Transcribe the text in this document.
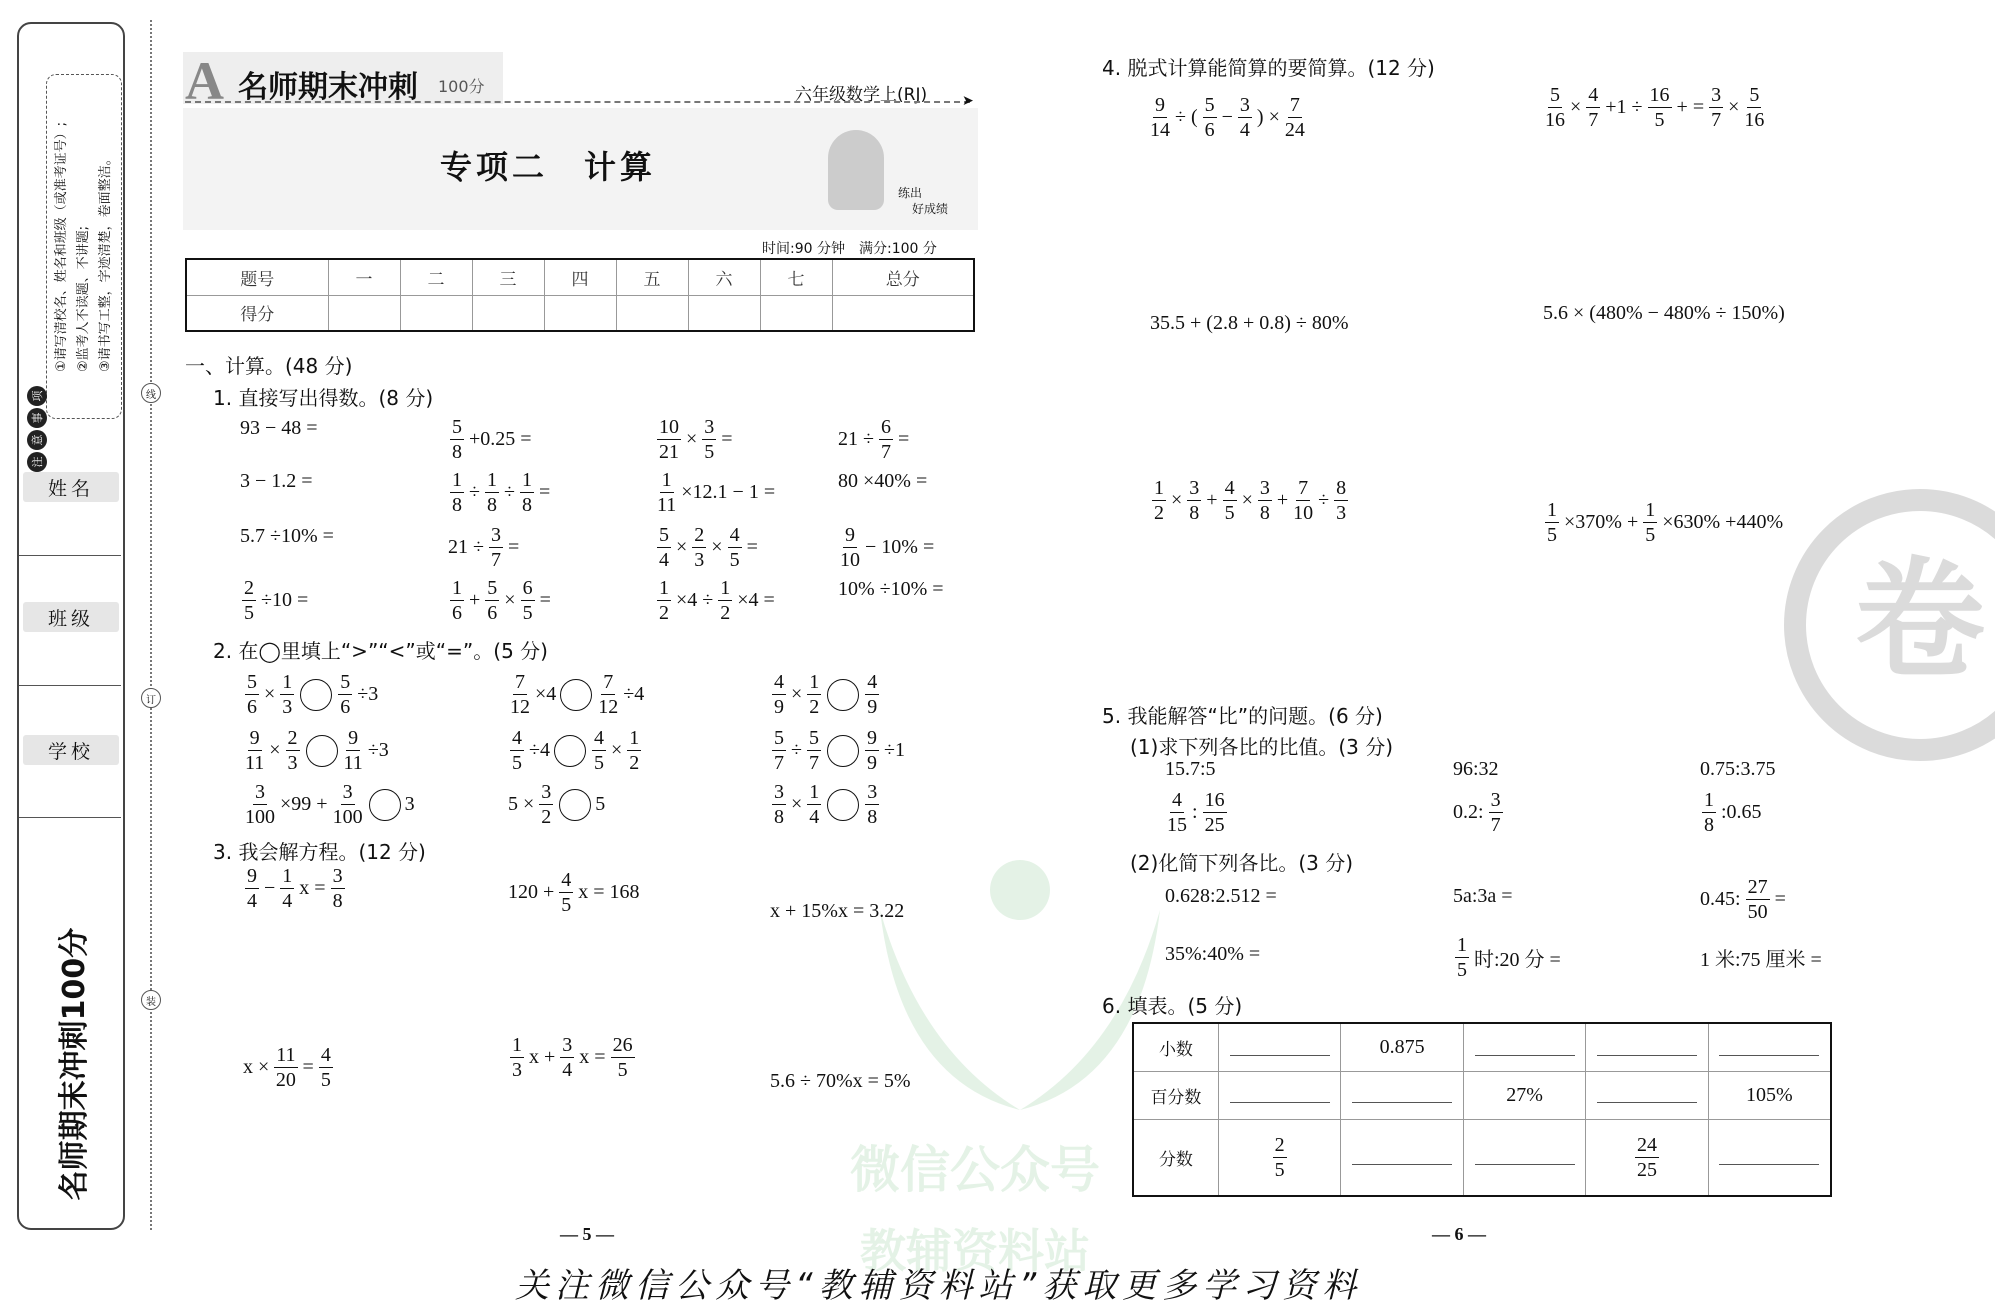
微信公众号
教辅资料站
卷
①请写清校名、姓名和班级（或准考证号）; ②监考人不读题、不讲题; ③请书写工整，字迹清楚，卷面整洁。
项
事
意
注
姓名
班级
学校
名师期末冲刺100分
线
订
装
A 名师期末冲刺 100分	六年级数学上(RJ) ➤
专项二　计算
练出
好成绩
时间:90 分钟　满分:100 分
题号	一	二	三	四	五	六	七	总分
得分								
一、计算。(48 分)
1. 直接写出得数。(8 分)
2. 在◯里填上“>”“<”或“=”。(5 分)
3. 我会解方程。(12 分)
4. 脱式计算能简算的要简算。(12 分)
5. 我能解答“比”的问题。(6 分)
(1)求下列各比的比值。(3 分)
(2)化简下列各比。(3 分)
6. 填表。(5 分)
93 − 48 =	$\frac{5}{8} +0.25$ =	$\frac{10}{21} \times \frac{3}{5}$ =	$21 \div \frac{6}{7}$ =
3 − 1.2 =	$\frac{1}{8} \div \frac{1}{8} \div \frac{1}{8}$ =	$\frac{1}{11} \times 12.1 - 1$ =	80 ×40% =
5.7 ÷10% =	$21 \div \frac{3}{7}$ =	$\frac{5}{4} \times \frac{2}{3} \times \frac{4}{5}$ =	$\frac{9}{10} - 10\%$ =
$\frac{2}{5} \div 10$ =	$\frac{1}{6} + \frac{5}{6} \times \frac{6}{5}$ =	$\frac{1}{2} \times 4 \div \frac{1}{2} \times 4$ =	10% ÷10% =
$\frac{5}{6} \times \frac{1}{3} \frac{5}{6} \div 3$	$\frac{7}{12} \times 4 \frac{7}{12} \div 4$	$\frac{4}{9} \times \frac{1}{2} \frac{4}{9}$
$\frac{9}{11} \times \frac{2}{3} \frac{9}{11} \div 3$	$\frac{4}{5} \div 4 \frac{4}{5} \times \frac{1}{2}$	$\frac{5}{7} \div \frac{5}{7} \frac{9}{9} \div 1$
$\frac{3}{100} \times 99 + \frac{3}{100} 3$	$5 \times \frac{3}{2} 5$	$\frac{3}{8} \times \frac{1}{4} \frac{3}{8}$
$\frac{9}{4} - \frac{1}{4}$ $x = \frac{3}{8}$	$120 + \frac{4}{5}$ x = 168
x + 15%x = 3.22
$x \times \frac{11}{20} = \frac{4}{5}$	$\frac{1}{3}$ $x + \frac{3}{4}$ $x = \frac{26}{5}$
5.6 ÷ 70%x = 5%
$\frac{9}{14}$ ÷ ( $\frac{5}{6} - \frac{3}{4}$ ) × $\frac{7}{24}$	$\frac{5}{16} \times \frac{4}{7} +1 \div \frac{16}{5}$ + = $\frac{3}{7} \times \frac{5}{16}$
35.5 + (2.8 + 0.8) ÷ 80%	5.6 × (480% − 480% ÷ 150%)
$\frac{1}{2} \times \frac{3}{8} + \frac{4}{5} \times \frac{3}{8} + \frac{7}{10} \div \frac{8}{3}$	$\frac{1}{5} \times 370\% + \frac{1}{5} \times 630\% +440\%$
15.7:5	96:32	0.75:3.75
$\frac{4}{15}$ : $\frac{16}{25}$	0.2: $\frac{3}{7}$	$\frac{1}{8}$ :0.65
0.628:2.512 =	5a:3a =	0.45: $\frac{27}{50}$ =
35%:40% =	$\frac{1}{5}$ 时:20 分 =	1 米:75 厘米 =
小数		0.875			
百分数			27%		105%
分数	$\frac{2}{5}$			$\frac{24}{25}$

— 5 —	— 6 —
关注微信公众号“教辅资料站”获取更多学习资料
